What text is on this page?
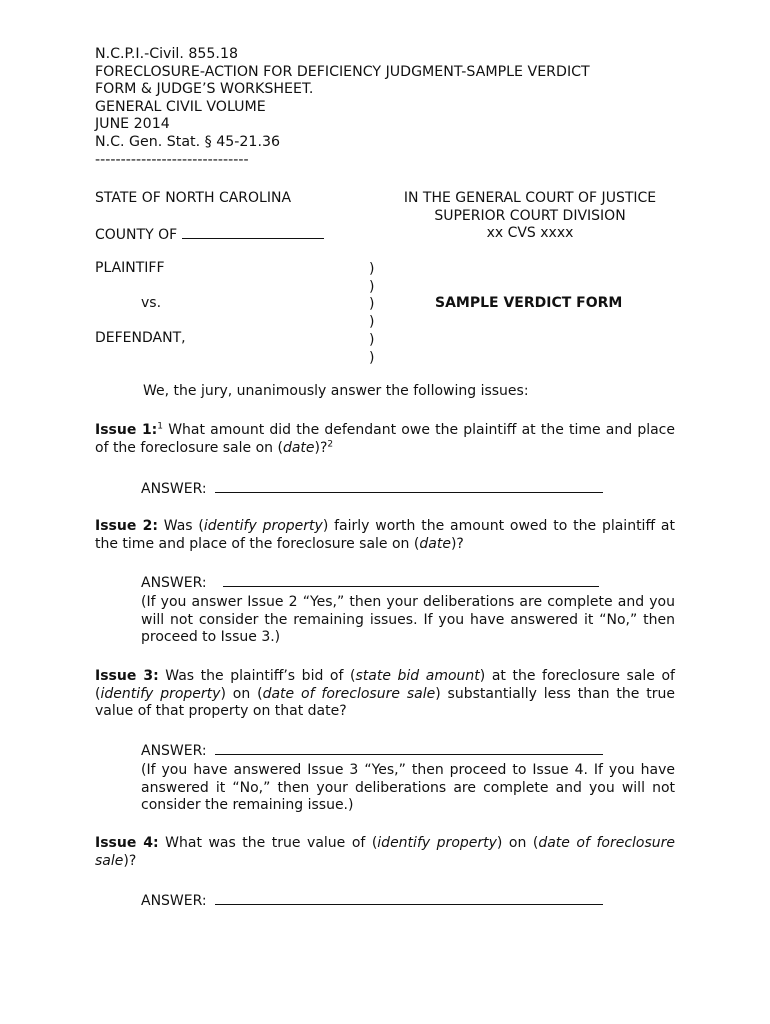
N.C.P.I.-Civil. 855.18
FORECLOSURE-ACTION FOR DEFICIENCY JUDGMENT-SAMPLE VERDICT
FORM & JUDGE’S WORKSHEET.
GENERAL CIVIL VOLUME
JUNE 2014
N.C. Gen. Stat. § 45-21.36
------------------------------
STATE OF NORTH CAROLINA
COUNTY OF
IN THE GENERAL COURT OF JUSTICE
SUPERIOR COURT DIVISION
xx CVS xxxx
PLAINTIFF
vs.
DEFENDANT,
)
)
)
)
)
)
SAMPLE VERDICT FORM
We, the jury, unanimously answer the following issues:
Issue 1:$^1$ What amount did the defendant owe the plaintiff at the time and place of the foreclosure sale on (date)?$^2$
ANSWER:
Issue 2: Was (identify property) fairly worth the amount owed to the plaintiff at the time and place of the foreclosure sale on (date)?
ANSWER:
(If you answer Issue 2 “Yes,” then your deliberations are complete and you will not consider the remaining issues. If you have answered it “No,” then proceed to Issue 3.)
Issue 3: Was the plaintiff’s bid of (state bid amount) at the foreclosure sale of (identify property) on (date of foreclosure sale) substantially less than the true value of that property on that date?
ANSWER:
(If you have answered Issue 3 “Yes,” then proceed to Issue 4. If you have answered it “No,” then your deliberations are complete and you will not consider the remaining issue.)
Issue 4: What was the true value of (identify property) on (date of foreclosure sale)?
ANSWER:
